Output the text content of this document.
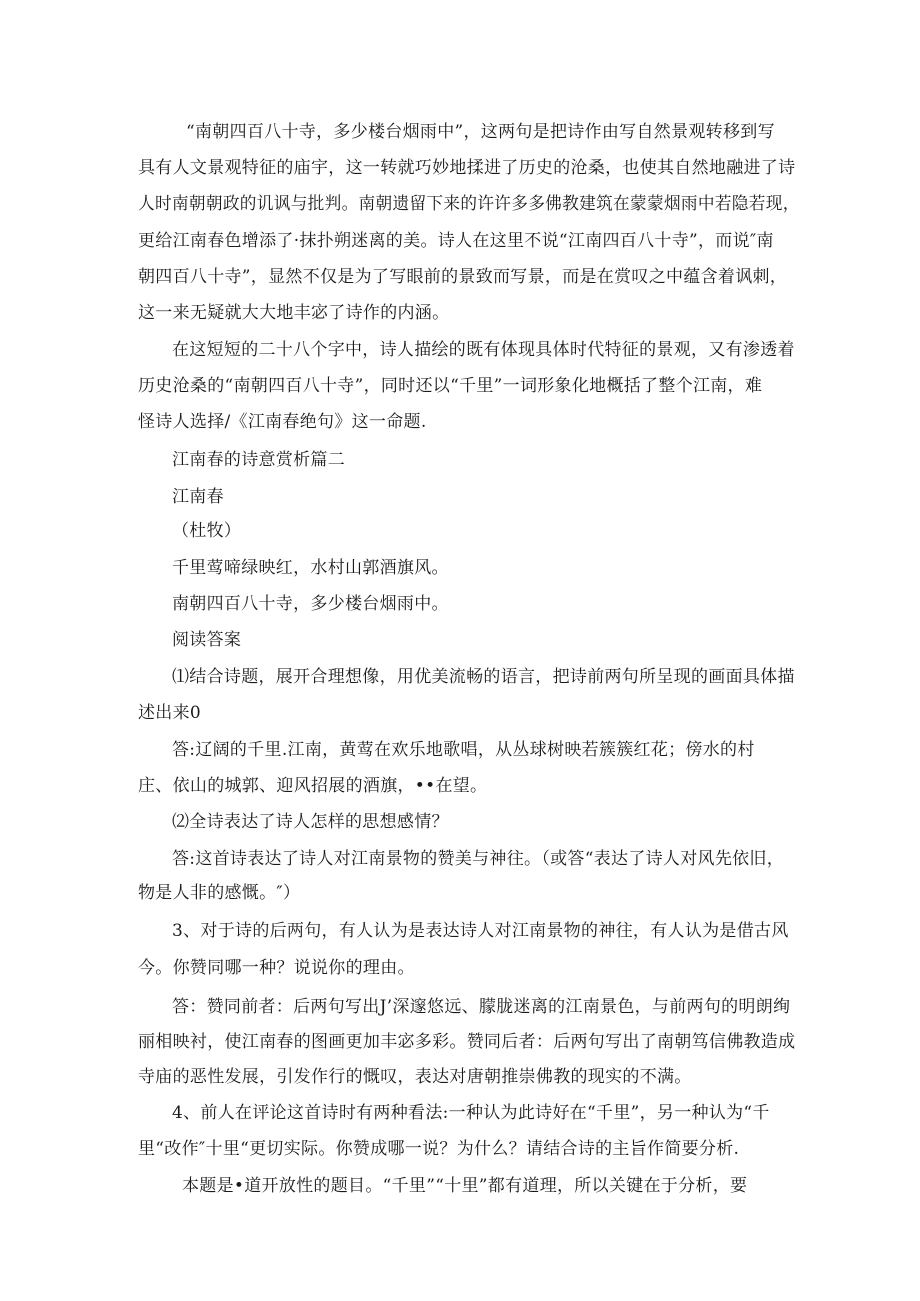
“南朝四百八十寺，多少楼台烟雨中”，这两句是把诗作由写自然景观转移到写
具有人文景观特征的庙宇，这一转就巧妙地揉进了历史的沧桑，也使其自然地融进了诗
人时南朝朝政的讥讽与批判。南朝遗留下来的许许多多佛教建筑在蒙蒙烟雨中若隐若现，
更给江南春色增添了·抹扑朔迷离的美。诗人在这里不说“江南四百八十寺”，而说″南
朝四百八十寺”，显然不仅是为了写眼前的景致而写景，而是在赏叹之中蕴含着讽刺，
这一来无疑就大大地丰宓了诗作的内涵。
在这短短的二十八个字中，诗人描绘的既有体现具体时代特征的景观，又有渗透着
历史沧桑的“南朝四百八十寺”，同时还以“千里”一词形象化地概括了整个江南，难
怪诗人选择/《江南春绝句》这一命题.
江南春的诗意赏析篇二
江南春
（杜牧）
千里莺啼绿映红，水村山郭酒旗风。
南朝四百八十寺，多少楼台烟雨中。
阅读答案
⑴结合诗题，展开合理想像，用优美流畅的语言，把诗前两句所呈现的画面具体描
述出来0
答:辽阔的千里.江南，黄莺在欢乐地歌唱，从丛球树映若簇簇红花；傍水的村
庄、依山的城郭、迎风招展的酒旗，••在望。
⑵全诗表达了诗人怎样的思想感情？
答:这首诗表达了诗人对江南景物的赞美与神往。（或答“表达了诗人对风先依旧，
物是人非的感慨。″）
3、对于诗的后两句，有人认为是表达诗人对江南景物的神往，有人认为是借古风
今。你赞同哪一种？说说你的理由。
答：赞同前者：后两句写出J’深邃悠远、朦胧迷离的江南景色，与前两句的明朗绚
丽相映衬，使江南春的图画更加丰宓多彩。赞同后者：后两句写出了南朝笃信佛教造成
寺庙的恶性发展，引发作行的慨叹，表达对唐朝推崇佛教的现实的不满。
4、前人在评论这首诗时有两种看法:一种认为此诗好在“千里”，另一种认为“千
里“改作″十里“更切实际。你赞成哪一说？为什么？请结合诗的主旨作简要分析.
本题是•道开放性的题目。“千里”“十里”都有道理，所以关键在于分析，要
